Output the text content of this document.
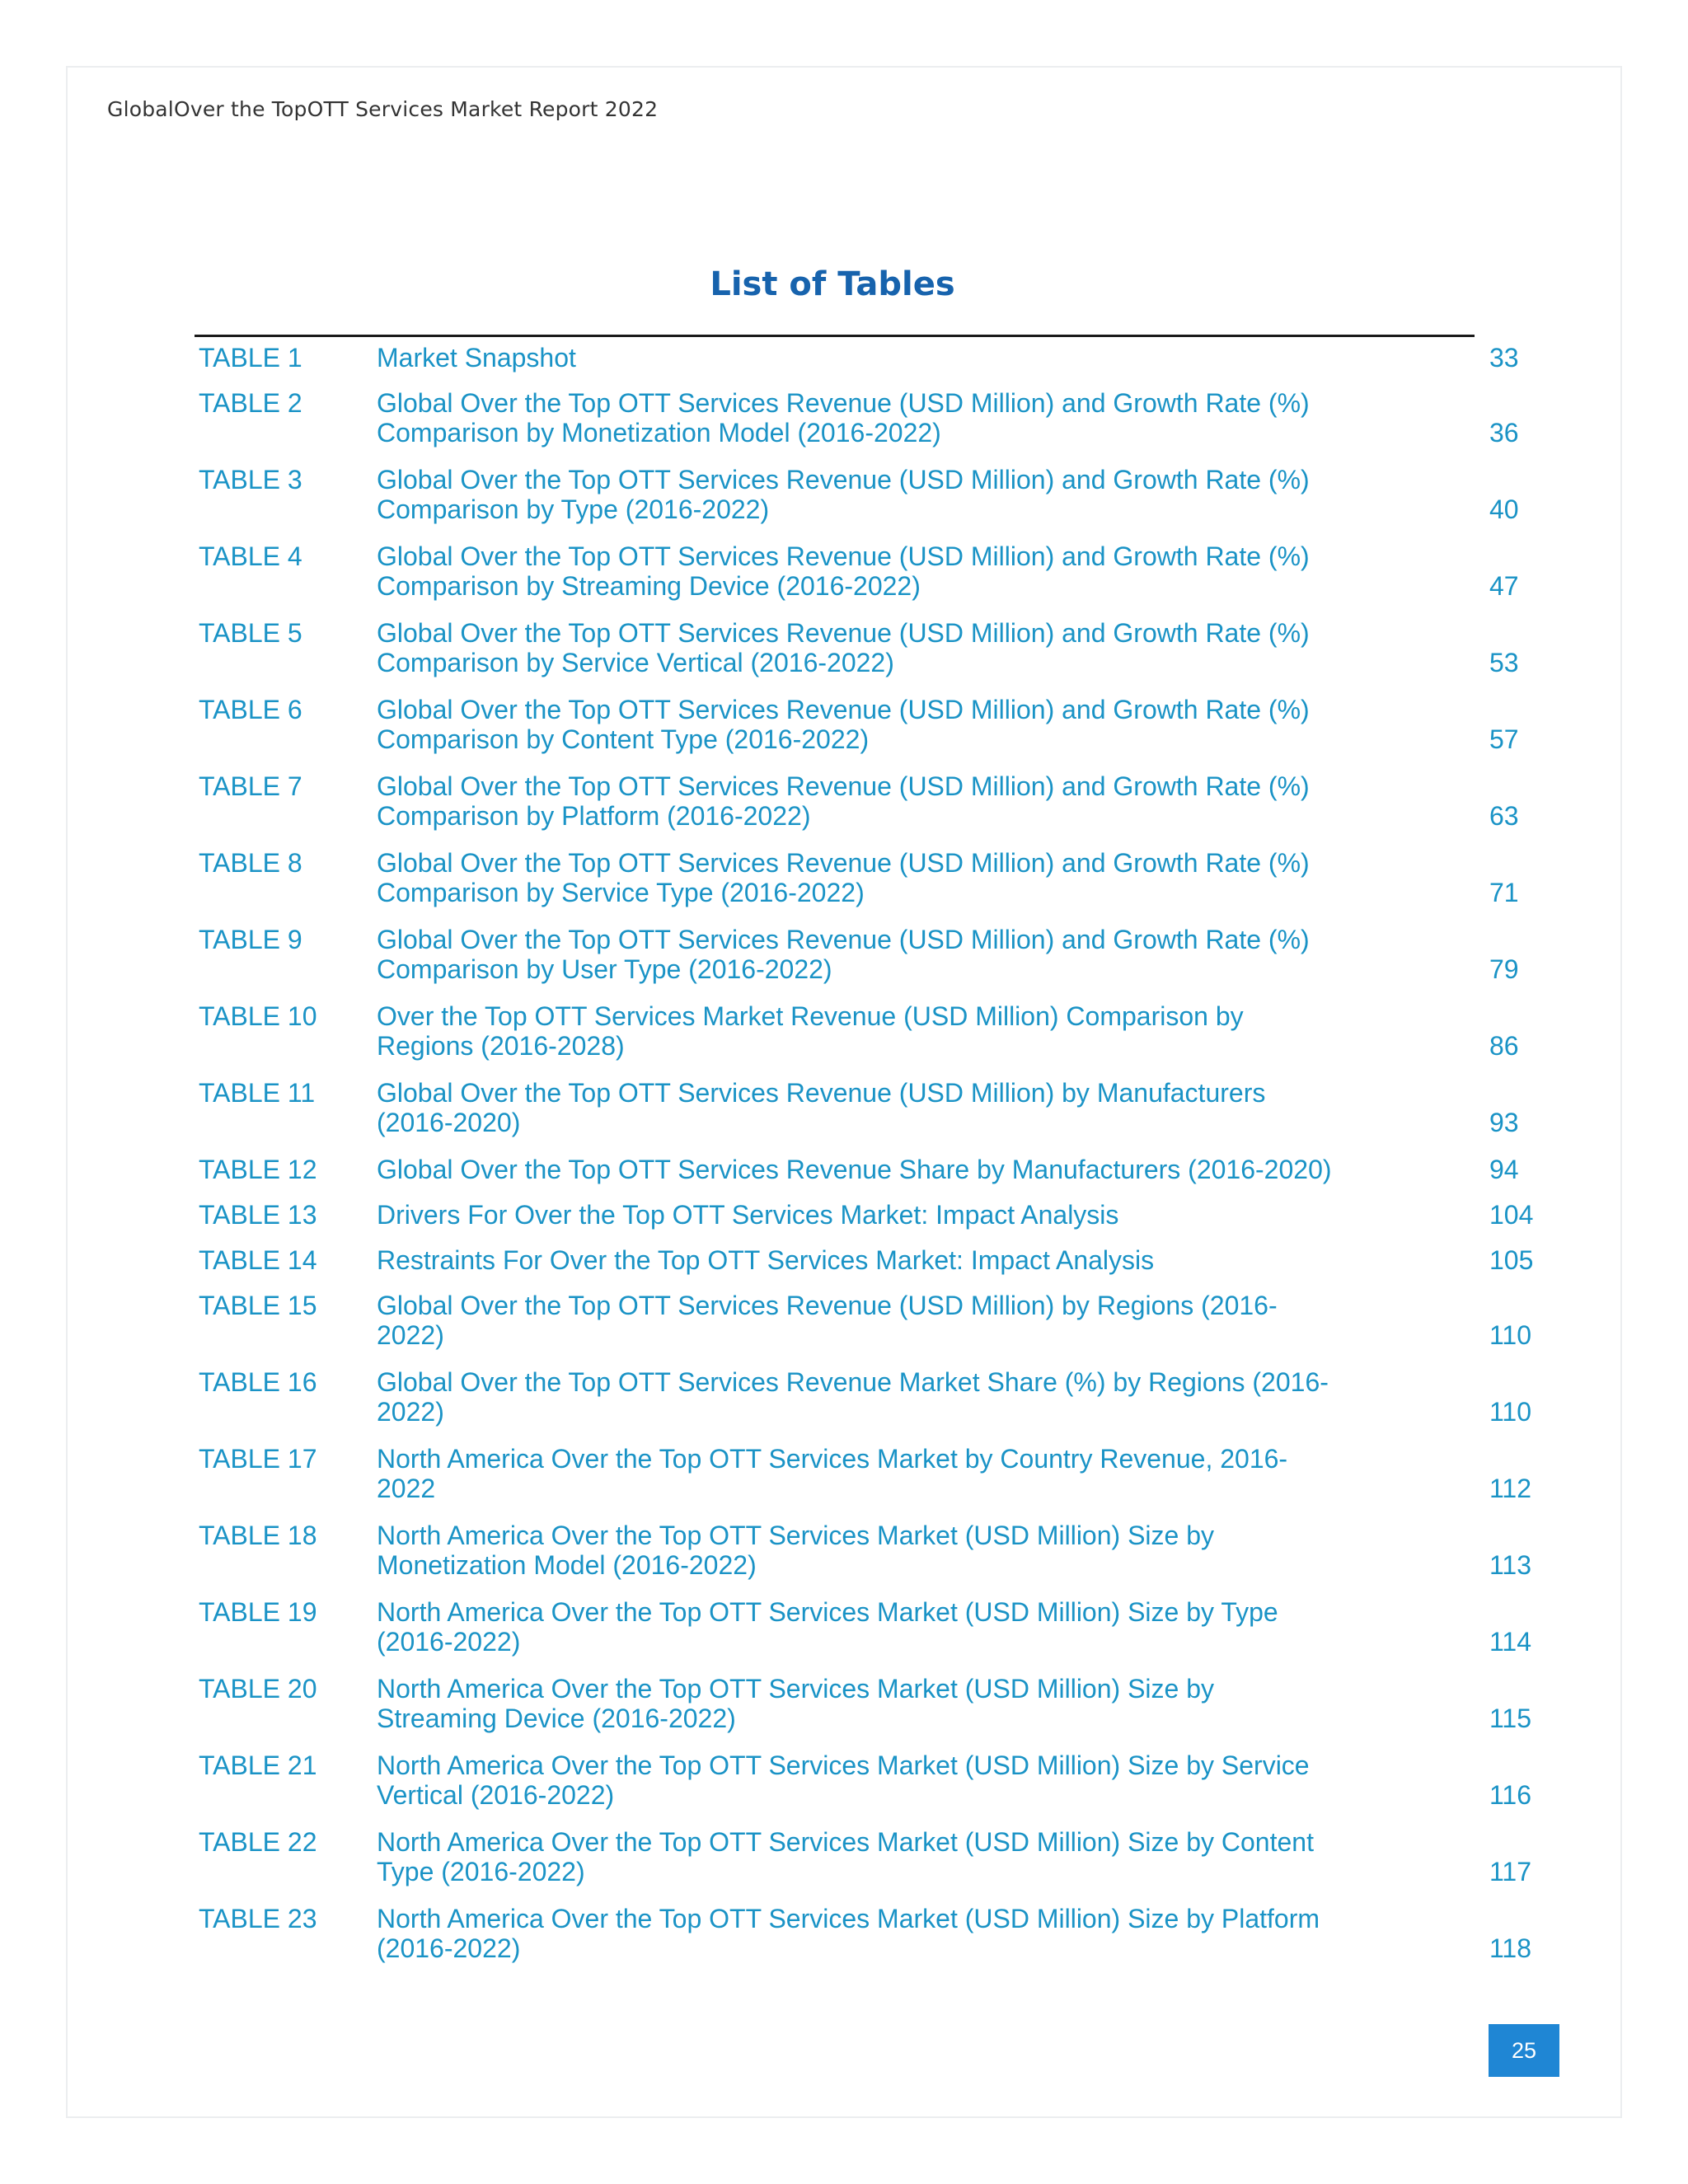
GlobalOver the TopOTT Services Market Report 2022
List of Tables
TABLE 1	Market Snapshot	33
TABLE 2	Global Over the Top OTT Services Revenue (USD Million) and Growth Rate (%)
Comparison by Monetization Model (2016-2022)	36
TABLE 3	Global Over the Top OTT Services Revenue (USD Million) and Growth Rate (%)
Comparison by Type (2016-2022)	40
TABLE 4	Global Over the Top OTT Services Revenue (USD Million) and Growth Rate (%)
Comparison by Streaming Device (2016-2022)	47
TABLE 5	Global Over the Top OTT Services Revenue (USD Million) and Growth Rate (%)
Comparison by Service Vertical (2016-2022)	53
TABLE 6	Global Over the Top OTT Services Revenue (USD Million) and Growth Rate (%)
Comparison by Content Type (2016-2022)	57
TABLE 7	Global Over the Top OTT Services Revenue (USD Million) and Growth Rate (%)
Comparison by Platform (2016-2022)	63
TABLE 8	Global Over the Top OTT Services Revenue (USD Million) and Growth Rate (%)
Comparison by Service Type (2016-2022)	71
TABLE 9	Global Over the Top OTT Services Revenue (USD Million) and Growth Rate (%)
Comparison by User Type (2016-2022)	79
TABLE 10 Over the Top OTT Services Market Revenue (USD Million) Comparison by
Regions (2016-2028)	86
TABLE 11 Global Over the Top OTT Services Revenue (USD Million) by Manufacturers
(2016-2020)	93
TABLE 12 Global Over the Top OTT Services Revenue Share by Manufacturers (2016-2020)	94
TABLE 13 Drivers For Over the Top OTT Services Market: Impact Analysis	104
TABLE 14 Restraints For Over the Top OTT Services Market: Impact Analysis	105
TABLE 15 Global Over the Top OTT Services Revenue (USD Million) by Regions (2016-
2022)	110
TABLE 16 Global Over the Top OTT Services Revenue Market Share (%) by Regions (2016-
2022)	110
TABLE 17 North America Over the Top OTT Services Market by Country Revenue, 2016-
2022	112
TABLE 18 North America Over the Top OTT Services Market (USD Million) Size by
Monetization Model (2016-2022)	113
TABLE 19 North America Over the Top OTT Services Market (USD Million) Size by Type
(2016-2022)	114
TABLE 20 North America Over the Top OTT Services Market (USD Million) Size by
Streaming Device (2016-2022)	115
TABLE 21 North America Over the Top OTT Services Market (USD Million) Size by Service
Vertical (2016-2022)	116
TABLE 22 North America Over the Top OTT Services Market (USD Million) Size by Content
Type (2016-2022)	117
TABLE 23 North America Over the Top OTT Services Market (USD Million) Size by Platform
(2016-2022)	118
25
